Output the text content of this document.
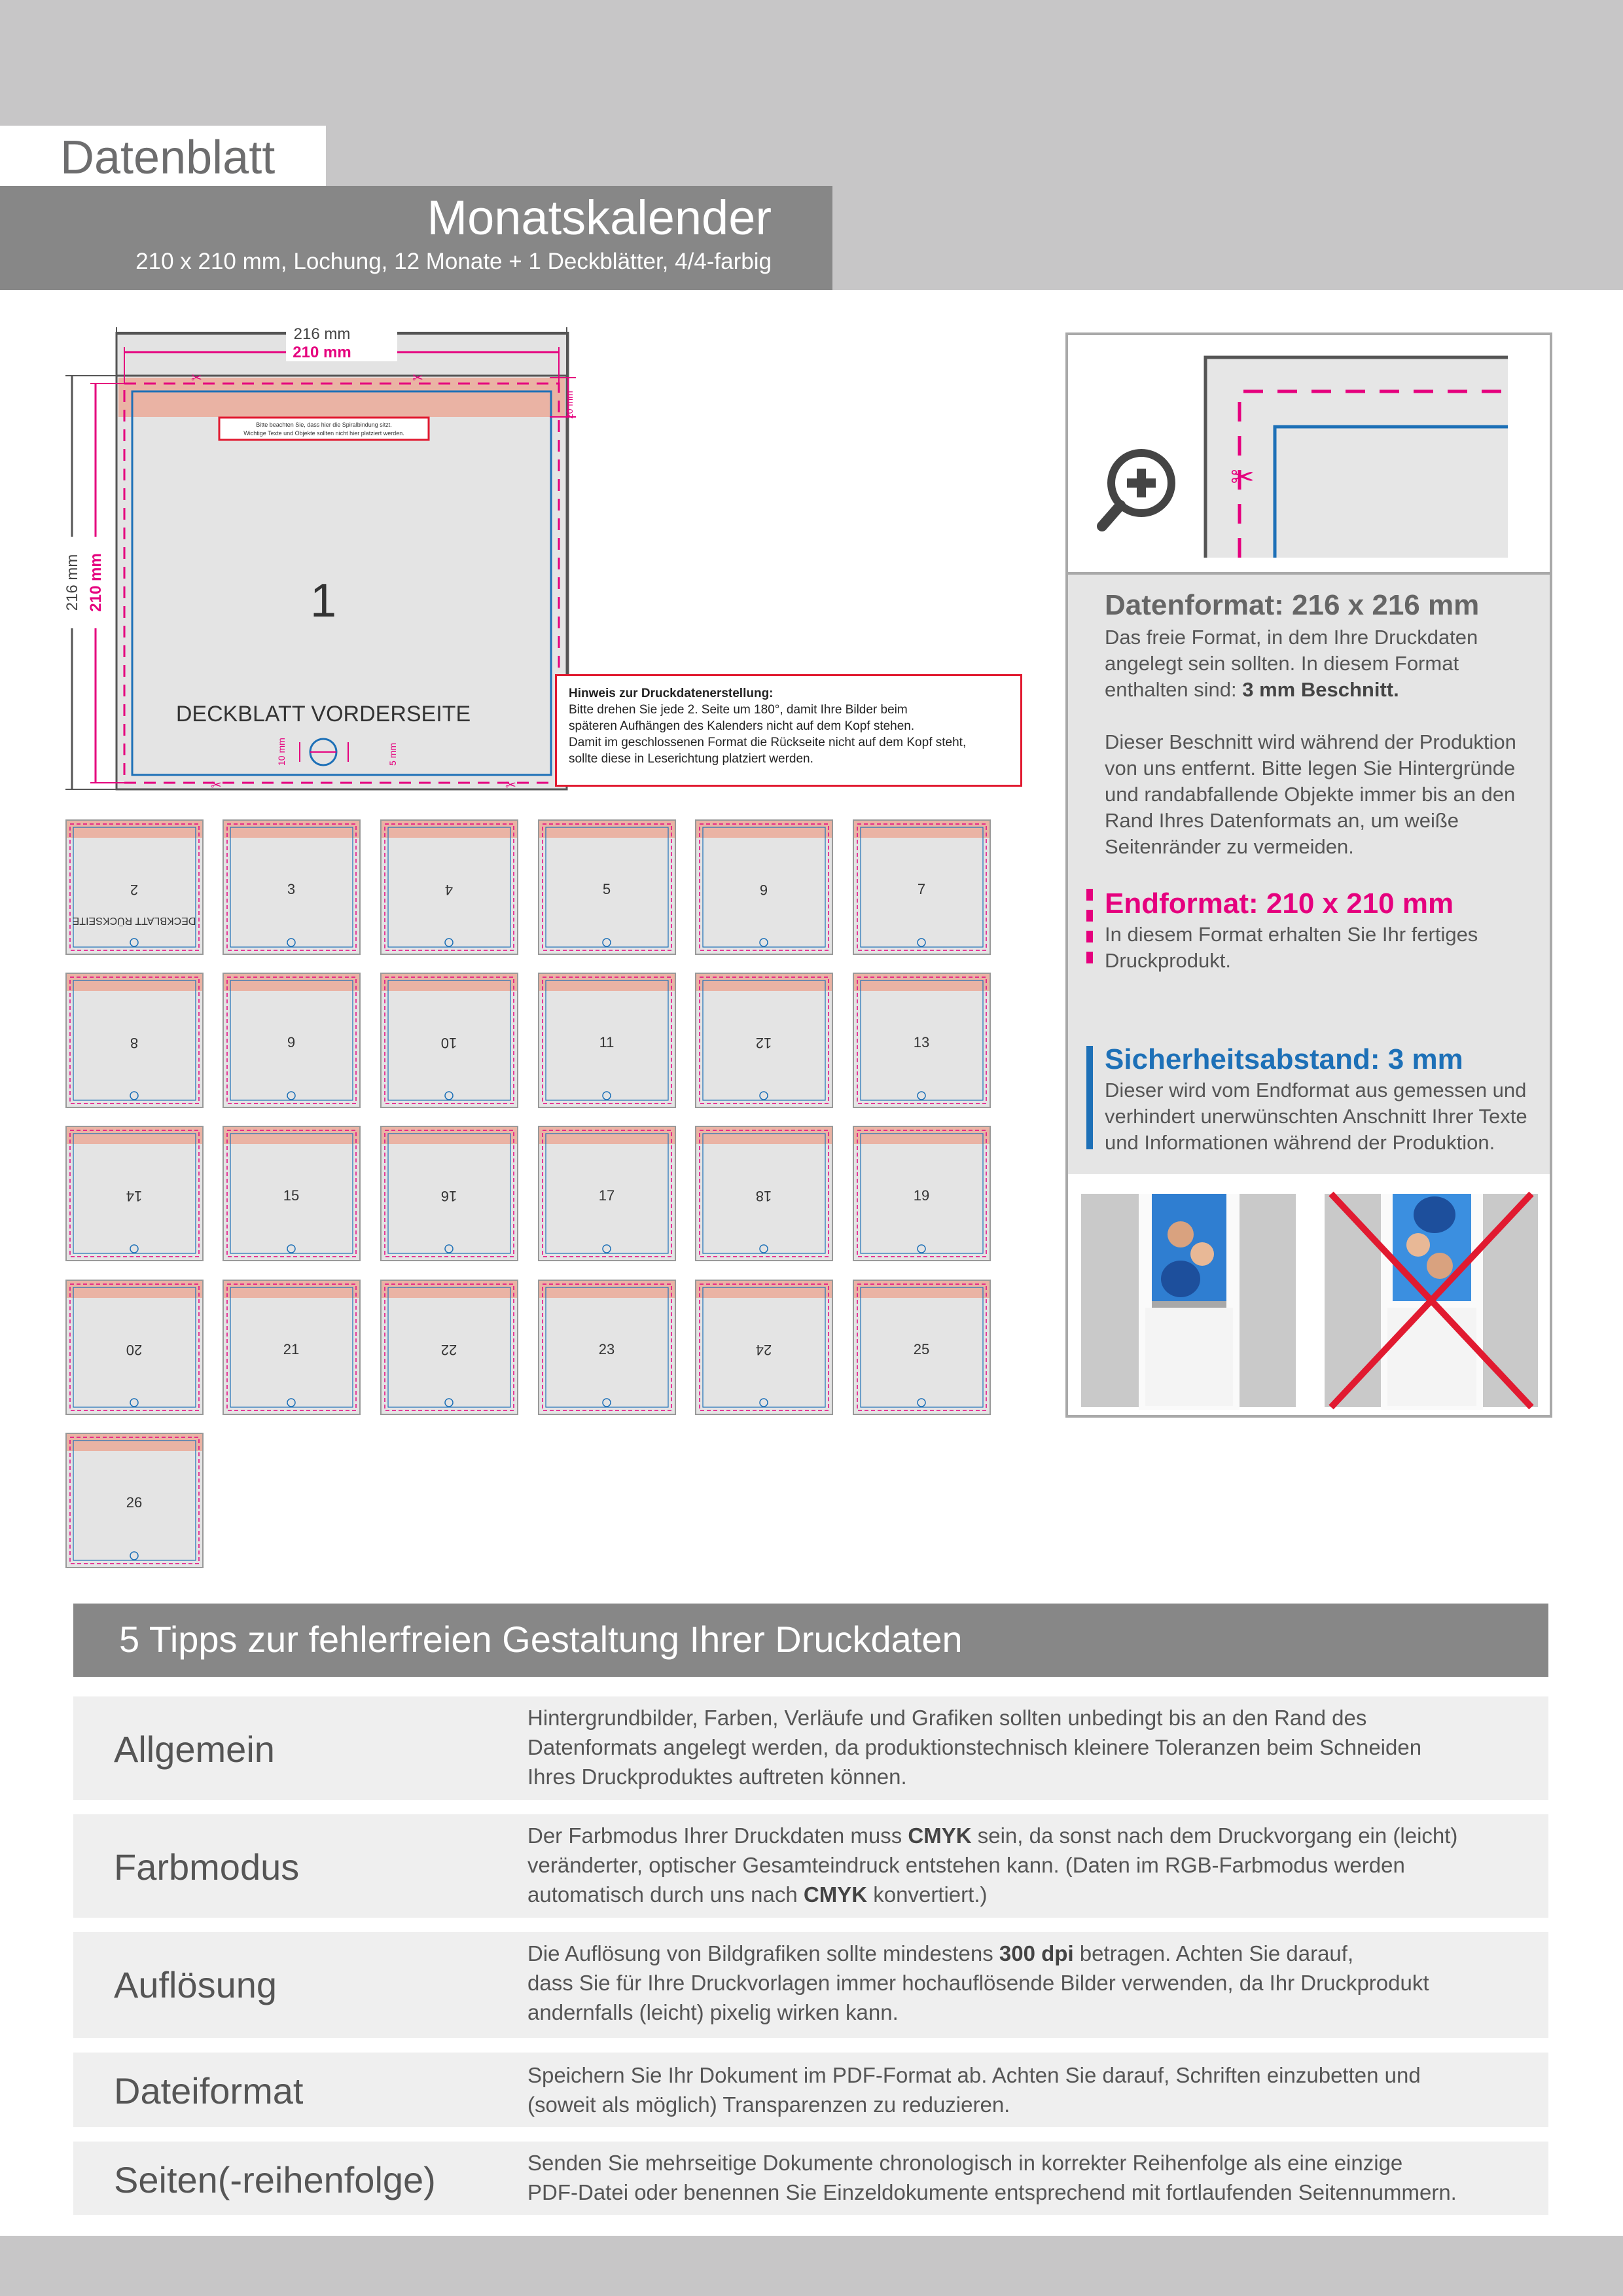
Datenblatt
Monatskalender
210 x 210 mm, Lochung, 12 Monate + 1 Deckblätter, 4/4-farbig
Bitte beachten Sie, dass hier die Spiralbindung sitzt.
Wichtige Texte und Objekte sollten nicht hier platziert werden.
1
DECKBLATT VORDERSEITE
10 mm	5 mm
✂	✂
✂	✂
216 mm
210 mm
216 mm 210 mm
20 mm
Hinweis zur Druckdatenerstellung:
Bitte drehen Sie jede 2. Seite um 180°, damit Ihre Bilder beim
späteren Aufhängen des Kalenders nicht auf dem Kopf stehen.
Damit im geschlossenen Format die Rückseite nicht auf dem Kopf steht,
sollte diese in Leserichtung platziert werden.
2
DECKBLATT RÜCKSEITE
3	4	5	6	7
8	9	10	11	12	13
14	15	16	17	18	19
20	21	22	23	24	25
26
✂
Datenformat: 216 x 216 mm
Das freie Format, in dem Ihre Druckdaten
angelegt sein sollten. In diesem Format
enthalten sind: 3 mm Beschnitt.
Dieser Beschnitt wird während der Produktion
von uns entfernt. Bitte legen Sie Hintergründe
und randabfallende Objekte immer bis an den
Rand Ihres Datenformats an, um weiße
Seitenränder zu vermeiden.
Endformat: 210 x 210 mm
In diesem Format erhalten Sie Ihr fertiges
Druckprodukt.
Sicherheitsabstand: 3 mm
Dieser wird vom Endformat aus gemessen und
verhindert unerwünschten Anschnitt Ihrer Texte
und Informationen während der Produktion.
5 Tipps zur fehlerfreien Gestaltung Ihrer Druckdaten
Allgemein
Hintergrundbilder, Farben, Verläufe und Grafiken sollten unbedingt bis an den Rand des
Datenformats angelegt werden, da produktionstechnisch kleinere Toleranzen beim Schneiden
Ihres Druckproduktes auftreten können.
Farbmodus
Der Farbmodus Ihrer Druckdaten muss CMYK sein, da sonst nach dem Druckvorgang ein (leicht)
veränderter, optischer Gesamteindruck entstehen kann. (Daten im RGB-Farbmodus werden
automatisch durch uns nach CMYK konvertiert.)
Auflösung
Die Auflösung von Bildgrafiken sollte mindestens 300 dpi betragen. Achten Sie darauf,
dass Sie für Ihre Druckvorlagen immer hochauflösende Bilder verwenden, da Ihr Druckprodukt
andernfalls (leicht) pixelig wirken kann.
Dateiformat	Speichern Sie Ihr Dokument im PDF-Format ab. Achten Sie darauf, Schriften einzubetten und
(soweit als möglich) Transparenzen zu reduzieren.
Seiten(-reihenfolge)	Senden Sie mehrseitige Dokumente chronologisch in korrekter Reihenfolge als eine einzige
PDF-Datei oder benennen Sie Einzeldokumente entsprechend mit fortlaufenden Seitennummern.
